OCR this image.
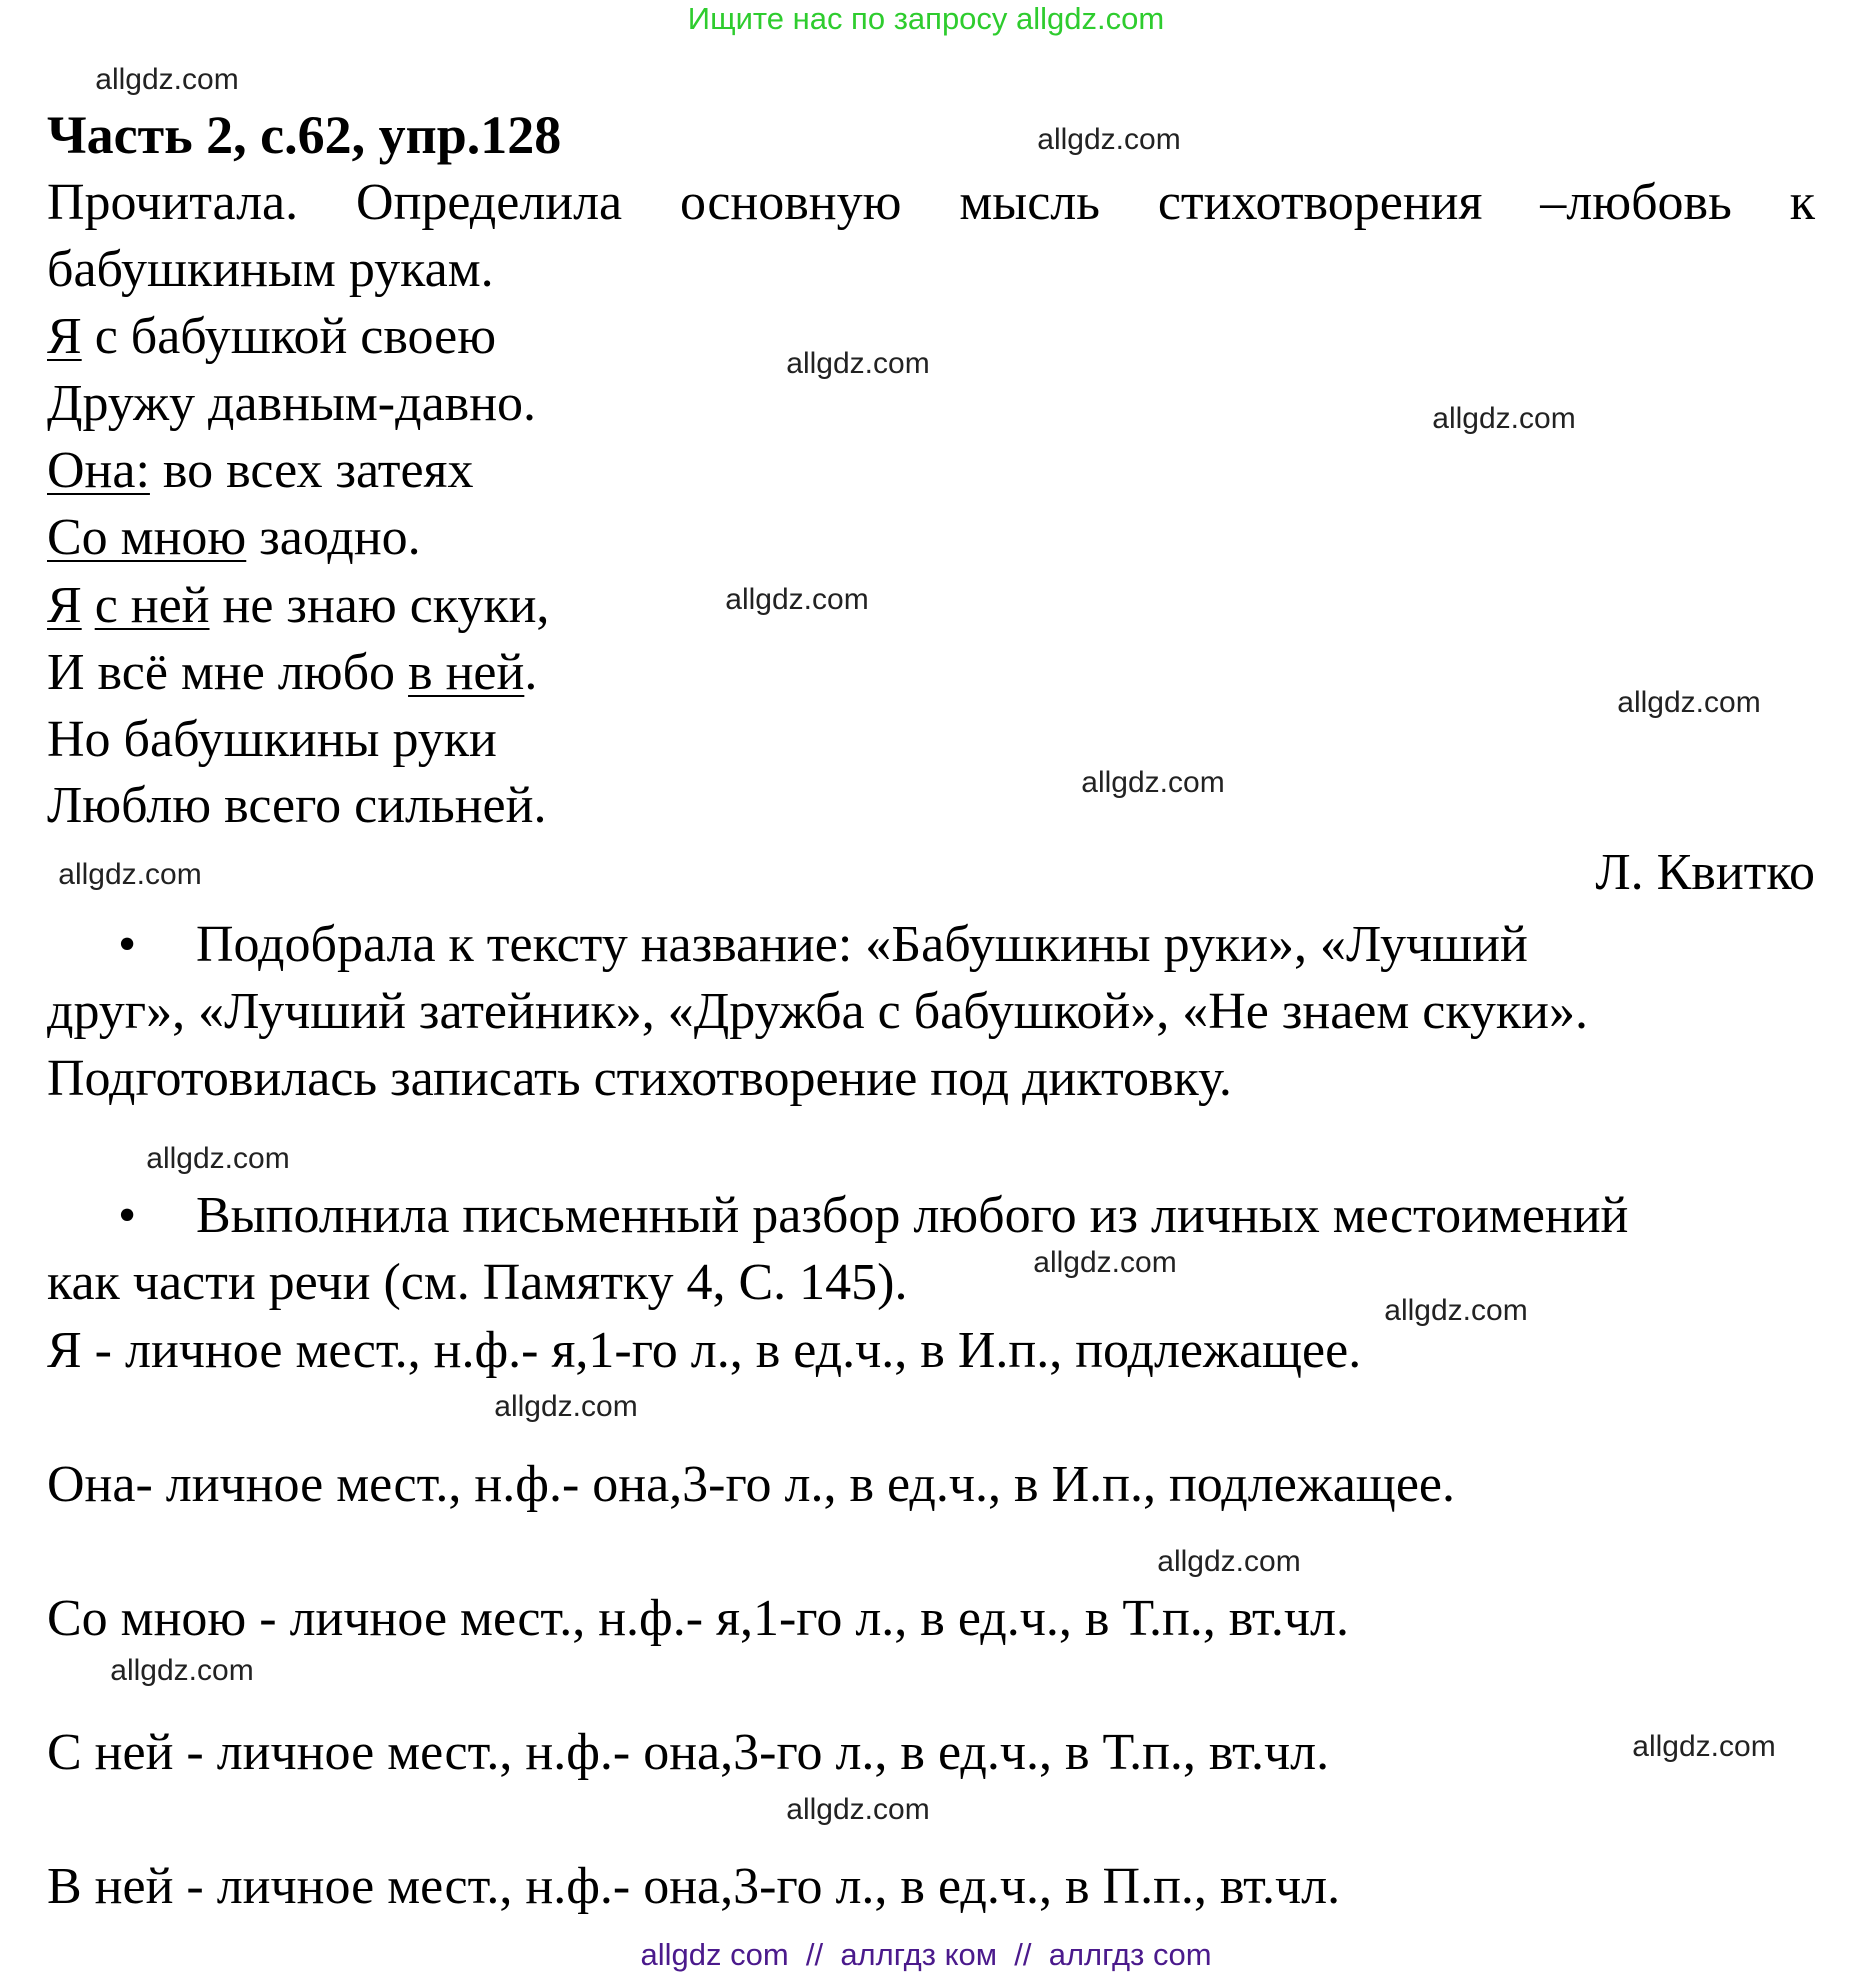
Ищите нас по запросу allgdz.com
Часть 2, с.62, упр.128
Прочитала. Определила основную мысль стихотворения –любовь к
бабушкиным рукам.
Я с бабушкой своею
Дружу давным-давно.
Она: во всех затеях
Со мною заодно.
Я с ней не знаю скуки,
И всё мне любо в ней.
Но бабушкины руки
Люблю всего сильней.
Л. Квитко
• Подобрала к тексту название: «Бабушкины руки», «Лучший
друг», «Лучший затейник», «Дружба с бабушкой», «Не знаем скуки».
Подготовилась записать стихотворение под диктовку.
• Выполнила письменный разбор любого из личных местоимений
как части речи (см. Памятку 4, С. 145).
Я - личное мест., н.ф.- я,1-го л., в ед.ч., в И.п., подлежащее.
Она- личное мест., н.ф.- она,3-го л., в ед.ч., в И.п., подлежащее.
Со мною - личное мест., н.ф.- я,1-го л., в ед.ч., в Т.п., вт.чл.
С ней - личное мест., н.ф.- она,3-го л., в ед.ч., в Т.п., вт.чл.
В ней - личное мест., н.ф.- она,3-го л., в ед.ч., в П.п., вт.чл.
allgdz.com
allgdz.com
allgdz.com
allgdz.com
allgdz.com
allgdz.com
allgdz.com
allgdz.com
allgdz.com
allgdz.com
allgdz.com
allgdz.com
allgdz.com
allgdz.com
allgdz.com
allgdz.com
allgdz com  //  аллгдз ком  //  аллгдз com
